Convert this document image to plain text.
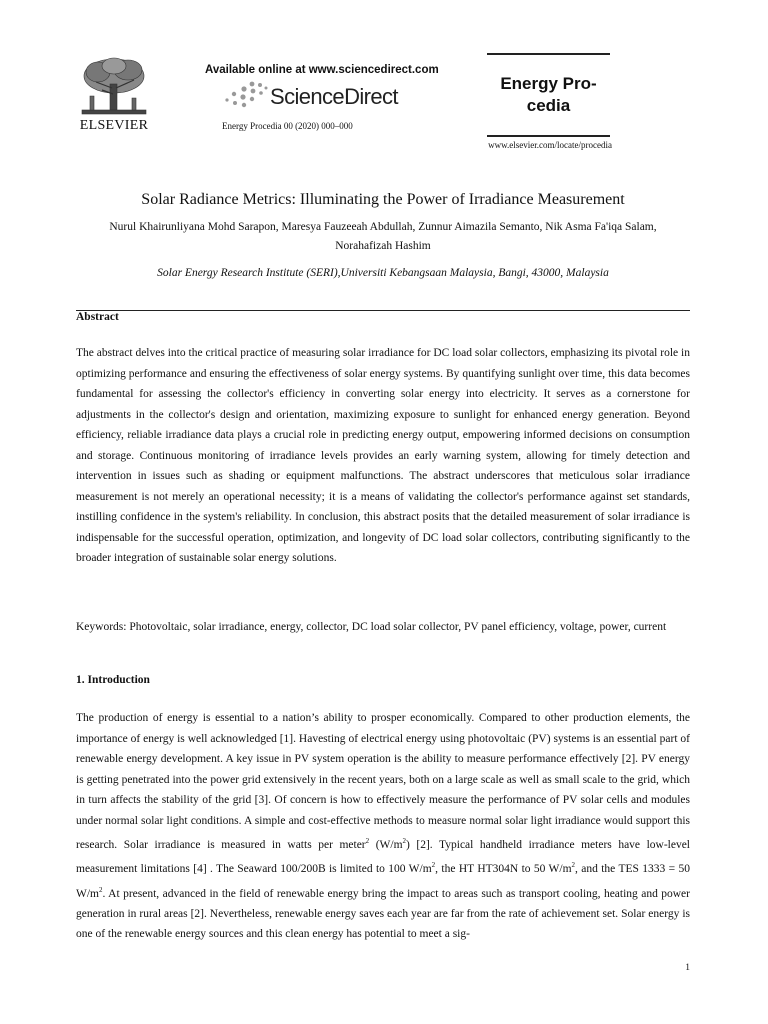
ELSEVIER
Available online at www.sciencedirect.com
ScienceDirect
Energy Procedia 00 (2020) 000–000
Energy Pro-
cedia
www.elsevier.com/locate/procedia
Solar Radiance Metrics: Illuminating the Power of Irradiance Measurement
Nurul Khairunliyana Mohd Sarapon, Maresya Fauzeeah Abdullah, Zunnur Aimazila Semanto, Nik Asma Fa'iqa Salam, Norahafizah Hashim
Solar Energy Research Institute (SERI),Universiti Kebangsaan Malaysia, Bangi, 43000, Malaysia
Abstract

The abstract delves into the critical practice of measuring solar irradiance for DC load solar collectors, emphasizing its pivotal role in optimizing performance and ensuring the effectiveness of solar energy systems. By quantifying sunlight over time, this data becomes fundamental for assessing the collector's efficiency in converting solar energy into electricity. It serves as a cornerstone for adjustments in the collector's design and orientation, maximizing exposure to sunlight for enhanced energy generation. Beyond efficiency, reliable irradiance data plays a crucial role in predicting energy output, empowering informed decisions on consumption and storage. Continuous monitoring of irradiance levels provides an early warning system, allowing for timely detection and intervention in issues such as shading or equipment malfunctions. The abstract underscores that meticulous solar irradiance measurement is not merely an operational necessity; it is a means of validating the collector's performance against set standards, instilling confidence in the system's reliability. In conclusion, this abstract posits that the detailed measurement of solar irradiance is indispensable for the successful operation, optimization, and longevity of DC load solar collectors, contributing significantly to the broader integration of sustainable solar energy solutions.

Keywords: Photovoltaic, solar irradiance, energy, collector, DC load solar collector, PV panel efficiency, voltage, power, current

1. Introduction

The production of energy is essential to a nation’s ability to prosper economically. Compared to other production elements, the importance of energy is well acknowledged [1]. Havesting of electrical energy using photovoltaic (PV) systems is an essential part of renewable energy development. A key issue in PV system operation is the ability to measure performance effectively [2]. PV energy is getting penetrated into the power grid extensively in the recent years, both on a large scale as well as small scale to the grid, which in turn affects the stability of the grid [3]. Of concern is how to effectively measure the performance of PV solar cells and modules under normal solar light conditions. A simple and cost-effective methods to measure normal solar light irradiance would support this research. Solar irradiance is measured in watts per meter$^2$ $(W/m^2)$ [2]. Typical handheld irradiance meters have low-level measurement limitations [4] . The Seaward 100/200B is limited to 100 $W/m^2$, the HT HT304N to 50 $W/m^2$, and the TES 1333 = 50 $W/m^2$. At present, advanced in the field of renewable energy bring the impact to areas such as transport cooling, heating and power generation in rural areas [2]. Nevertheless, renewable energy saves each year are far from the rate of achievement set. Solar energy is one of the renewable energy sources and this clean energy has potential to meet a sig-

1
